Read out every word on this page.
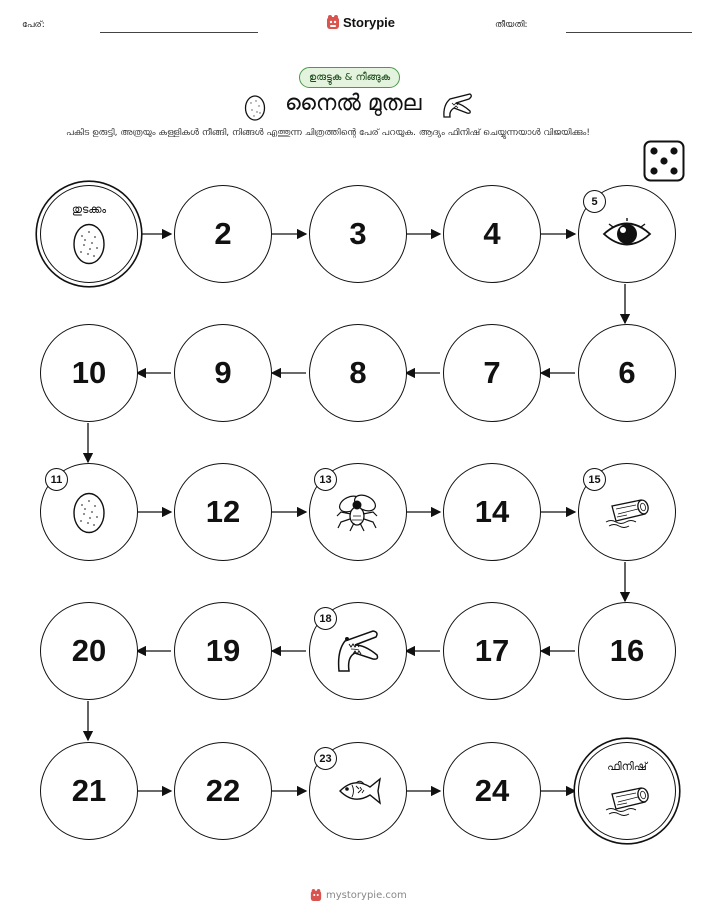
പേര്:	Storypie	തീയതി:
ഉരുട്ടുക & നീങ്ങുക
നൈൽ മുതല
പകിട ഉരുട്ടി, അത്രയും കള്ളികൾ നീങ്ങി, നിങ്ങൾ എത്തുന്ന ചിത്രത്തിന്റെ പേര് പറയുക. ആദ്യം ഫിനിഷ് ചെയ്യുന്നയാൾ വിജയിക്കും!
തുടക്കം
2	3	4
5
6
7
8
9
10
11
12
13
14
15
16
17
18
19
20
21	22
23
24
ഫിനിഷ്
mystorypie.com
